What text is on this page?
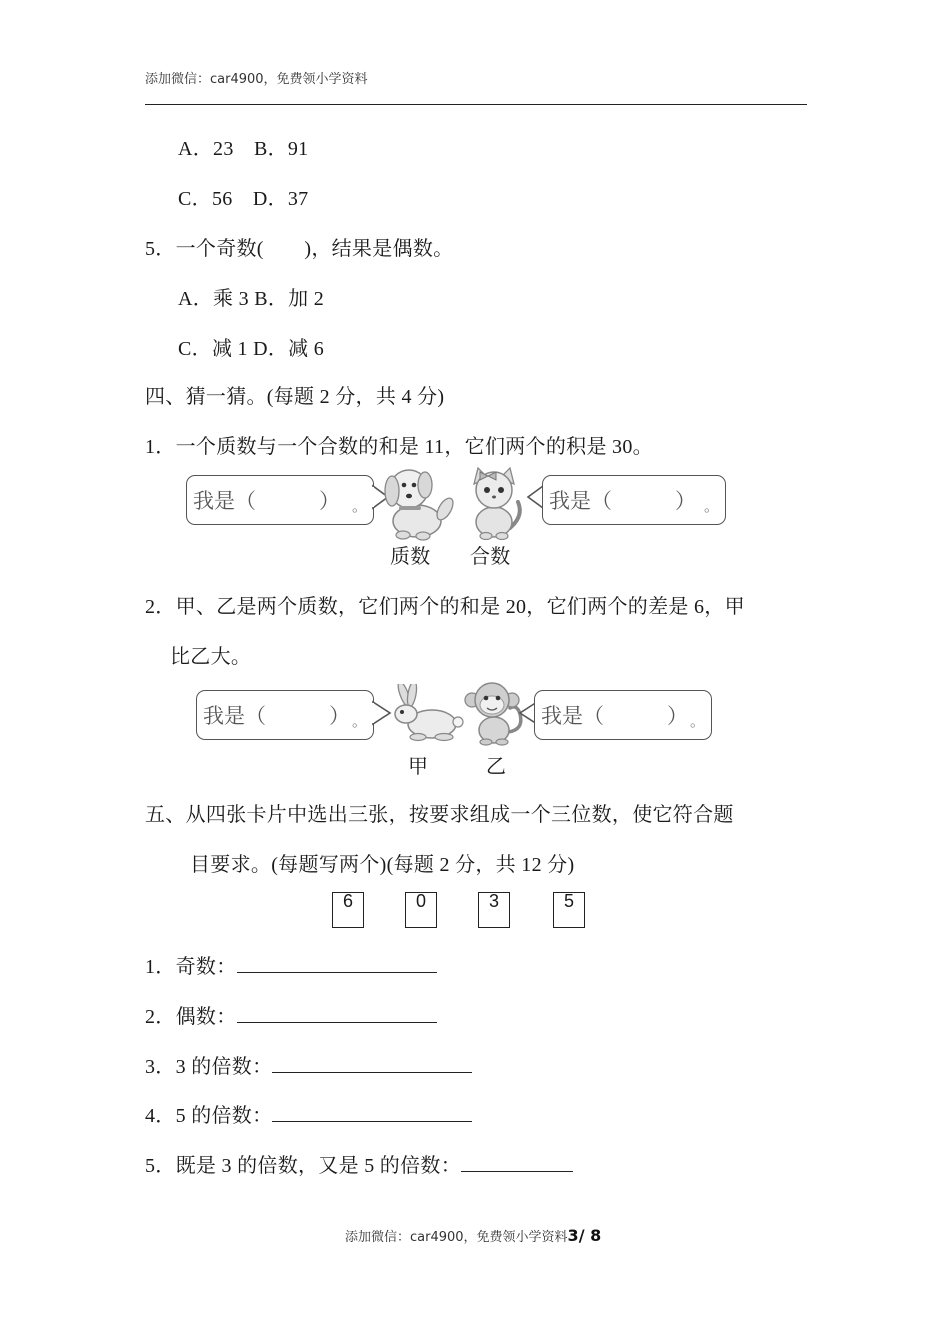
添加微信：car4900，免费领小学资料
A．23　B．91
C．56　D．37
5．一个奇数(　　)，结果是偶数。
A．乘 3 B．加 2
C．减 1 D．减 6
四、猜一猜。(每题 2 分，共 4 分)
1．一个质数与一个合数的和是 11，它们两个的积是 30。
我是（　　　） 。	我是（　　　） 。
质数 合数
2．甲、乙是两个质数，它们两个的和是 20，它们两个的差是 6，甲
比乙大。
我是（　　　） 。	我是（　　　） 。
甲	乙
五、从四张卡片中选出三张，按要求组成一个三位数，使它符合题
目要求。(每题写两个)(每题 2 分，共 12 分)
6	0	3	5
1．奇数：
2．偶数：
3．3 的倍数：
4．5 的倍数：
5．既是 3 的倍数，又是 5 的倍数：
添加微信：car4900，免费领小学资料3/ 8
